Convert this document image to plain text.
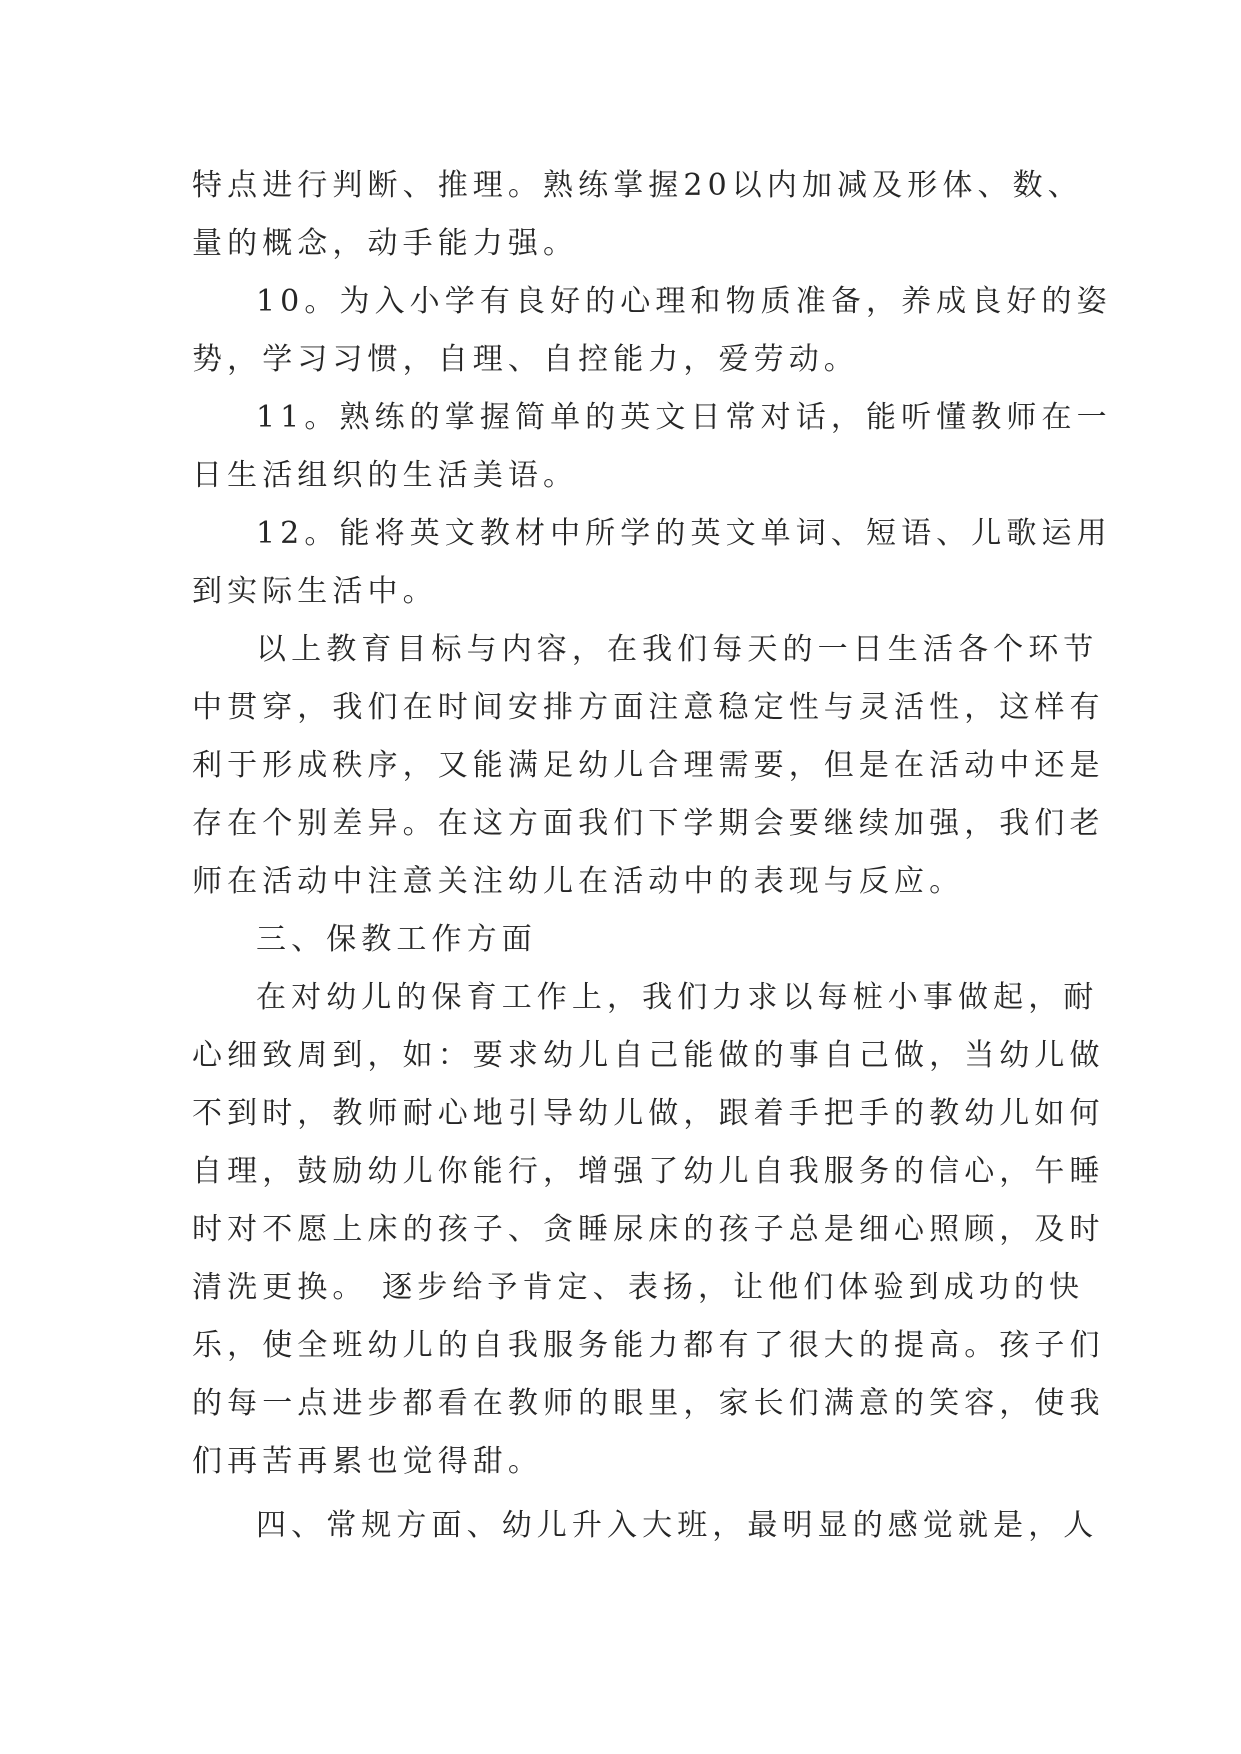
特点进行判断、推理。熟练掌握20以内加减及形体、数、
量的概念，动手能力强。
10。为入小学有良好的心理和物质准备，养成良好的姿
势，学习习惯，自理、自控能力，爱劳动。
11。熟练的掌握简单的英文日常对话，能听懂教师在一
日生活组织的生活美语。
12。能将英文教材中所学的英文单词、短语、儿歌运用
到实际生活中。
以上教育目标与内容，在我们每天的一日生活各个环节
中贯穿，我们在时间安排方面注意稳定性与灵活性，这样有
利于形成秩序，又能满足幼儿合理需要，但是在活动中还是
存在个别差异。在这方面我们下学期会要继续加强，我们老
师在活动中注意关注幼儿在活动中的表现与反应。
三、保教工作方面
在对幼儿的保育工作上，我们力求以每桩小事做起，耐
心细致周到，如：要求幼儿自己能做的事自己做，当幼儿做
不到时，教师耐心地引导幼儿做，跟着手把手的教幼儿如何
自理，鼓励幼儿你能行，增强了幼儿自我服务的信心，午睡
时对不愿上床的孩子、贪睡尿床的孩子总是细心照顾，及时
清洗更换。 逐步给予肯定、表扬，让他们体验到成功的快
乐，使全班幼儿的自我服务能力都有了很大的提高。孩子们
的每一点进步都看在教师的眼里，家长们满意的笑容，使我
们再苦再累也觉得甜。
四、常规方面、幼儿升入大班，最明显的感觉就是，人
